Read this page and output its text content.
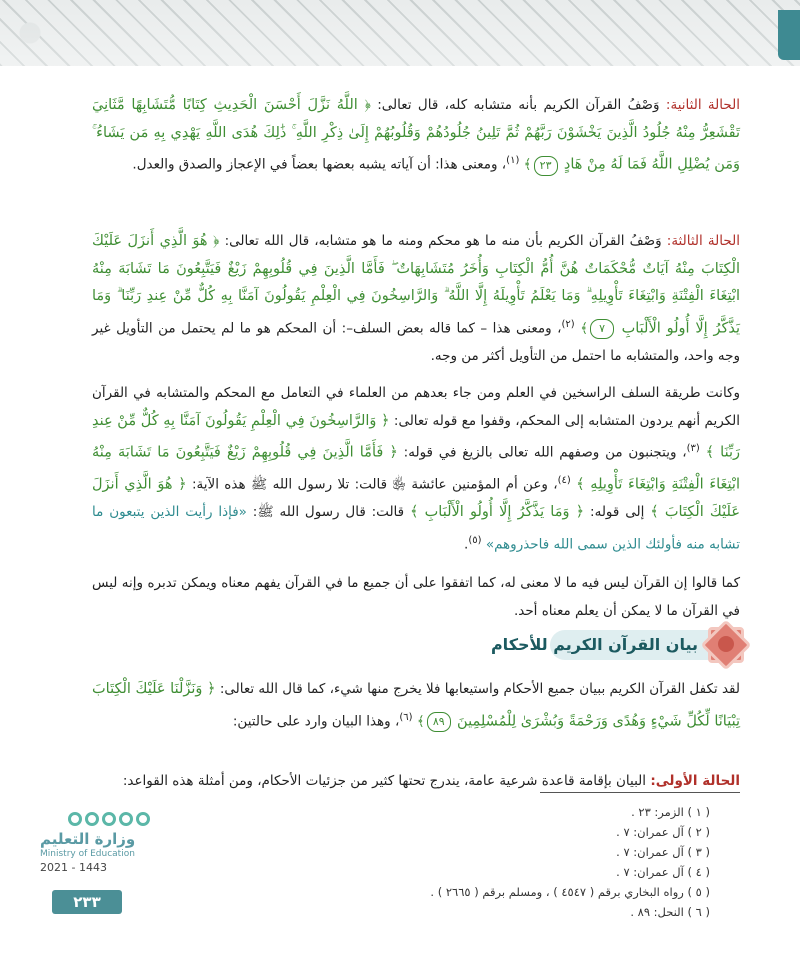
الحالة الثانية: وَصْفُ القرآن الكريم بأنه متشابه كله، قال تعالى: ﴿ اللَّهُ نَزَّلَ أَحْسَنَ الْحَدِيثِ كِتَابًا مُّتَشَابِهًا مَّثَانِيَ تَقْشَعِرُّ مِنْهُ جُلُودُ الَّذِينَ يَخْشَوْنَ رَبَّهُمْ ثُمَّ تَلِينُ جُلُودُهُمْ وَقُلُوبُهُمْ إِلَىٰ ذِكْرِ اللَّهِ ۚ ذَٰلِكَ هُدَى اللَّهِ يَهْدِي بِهِ مَن يَشَاءُ ۚ وَمَن يُضْلِلِ اللَّهُ فَمَا لَهُ مِنْ هَادٍ ٢٣﴾ $^{(١)}$، ومعنى هذا: أن آياته يشبه بعضها بعضاً في الإعجاز والصدق والعدل.

الحالة الثالثة: وَصْفُ القرآن الكريم بأن منه ما هو محكم ومنه ما هو متشابه، قال الله تعالى: ﴿ هُوَ الَّذِي أَنزَلَ عَلَيْكَ الْكِتَابَ مِنْهُ آيَاتٌ مُّحْكَمَاتٌ هُنَّ أُمُّ الْكِتَابِ وَأُخَرُ مُتَشَابِهَاتٌ ۖ فَأَمَّا الَّذِينَ فِي قُلُوبِهِمْ زَيْغٌ فَيَتَّبِعُونَ مَا تَشَابَهَ مِنْهُ ابْتِغَاءَ الْفِتْنَةِ وَابْتِغَاءَ تَأْوِيلِهِ ۗ وَمَا يَعْلَمُ تَأْوِيلَهُ إِلَّا اللَّهُ ۗ وَالرَّاسِخُونَ فِي الْعِلْمِ يَقُولُونَ آمَنَّا بِهِ كُلٌّ مِّنْ عِندِ رَبِّنَا ۗ وَمَا يَذَّكَّرُ إِلَّا أُولُو الْأَلْبَابِ ٧﴾ $^{(٢)}$، ومعنى هذا – كما قاله بعض السلف–: أن المحكم هو ما لم يحتمل من التأويل غير وجه واحد، والمتشابه ما احتمل من التأويل أكثر من وجه.

وكانت طريقة السلف الراسخين في العلم ومن جاء بعدهم من العلماء في التعامل مع المحكم والمتشابه في القرآن الكريم أنهم يردون المتشابه إلى المحكم، وقفوا مع قوله تعالى: ﴿ وَالرَّاسِخُونَ فِي الْعِلْمِ يَقُولُونَ آمَنَّا بِهِ كُلٌّ مِّنْ عِندِ رَبِّنَا ﴾ $^{(٣)}$، ويتجنبون من وصفهم الله تعالى بالزيغ في قوله: ﴿ فَأَمَّا الَّذِينَ فِي قُلُوبِهِمْ زَيْغٌ فَيَتَّبِعُونَ مَا تَشَابَهَ مِنْهُ ابْتِغَاءَ الْفِتْنَةِ وَابْتِغَاءَ تَأْوِيلِهِ ﴾ $^{(٤)}$، وعن أم المؤمنين عائشة ﵂ قالت: تلا رسول الله ﷺ هذه الآية: ﴿ هُوَ الَّذِي أَنزَلَ عَلَيْكَ الْكِتَابَ ﴾ إلى قوله: ﴿ وَمَا يَذَّكَّرُ إِلَّا أُولُو الْأَلْبَابِ ﴾ قالت: قال رسول الله ﷺ: «فإذا رأيت الذين يتبعون ما تشابه منه فأولئك الذين سمى الله فاحذروهم» $^{(٥)}$.

كما قالوا إن القرآن ليس فيه ما لا معنى له، كما اتفقوا على أن جميع ما في القرآن يفهم معناه ويمكن تدبره وإنه ليس في القرآن ما لا يمكن أن يعلم معناه أحد.

بيان القرآن الكريم للأحكام

لقد تكفل القرآن الكريم ببيان جميع الأحكام واستيعابها فلا يخرج منها شيء، كما قال الله تعالى: ﴿ وَنَزَّلْنَا عَلَيْكَ الْكِتَابَ تِبْيَانًا لِّكُلِّ شَيْءٍ وَهُدًى وَرَحْمَةً وَبُشْرَىٰ لِلْمُسْلِمِينَ ٨٩﴾ $^{(٦)}$، وهذا البيان وارد على حالتين:

الحالة الأولى: البيان بإقامة قاعدة شرعية عامة، يندرج تحتها كثير من جزئيات الأحكام، ومن أمثلة هذه القواعد:

( ١ ) الزمر: ٢٣ .
( ٢ ) آل عمران: ٧ .
( ٣ ) آل عمران: ٧ .
( ٤ ) آل عمران: ٧ .
( ٥ ) رواه البخاري برقم ( ٤٥٤٧ ) ، ومسلم برقم ( ٢٦٦٥ ) .
( ٦ ) النحل: ٨٩ .
وزارة التعليم
Ministry of Education
2021 - 1443
٢٣٣
